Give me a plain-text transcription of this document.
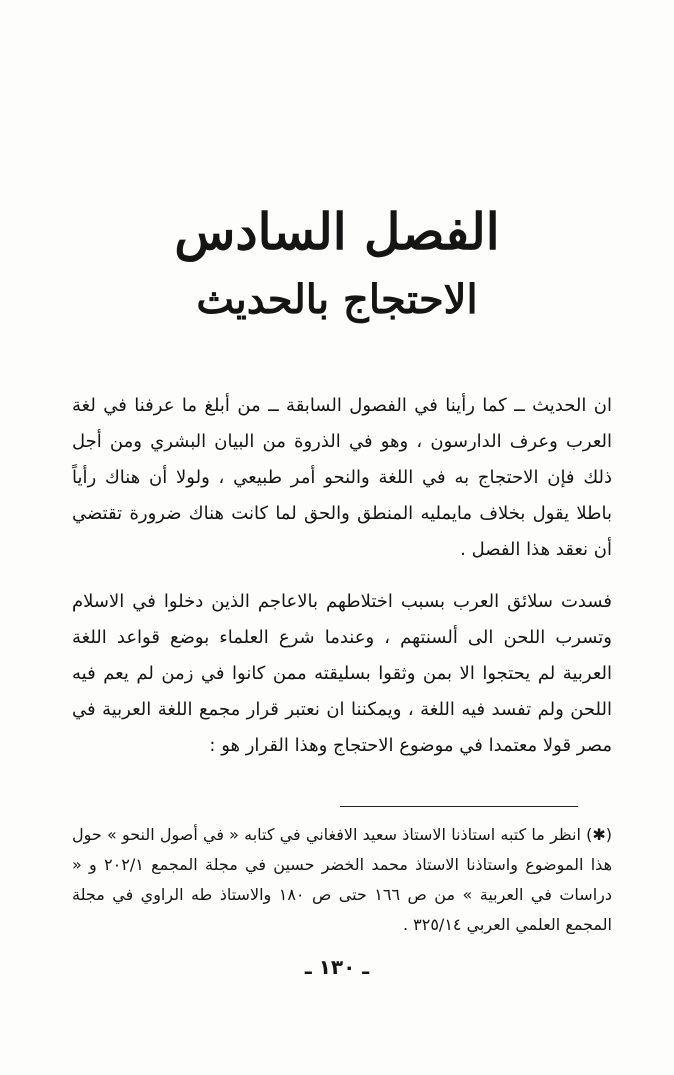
الفصل السادس
الاحتجاج بالحديث

ان الحديث ــ كما رأينا في الفصول السابقة ــ من أبلغ ما عرفنا في لغة العرب وعرف الدارسون ، وهو في الذروة من البيان البشري ومن أجل ذلك فإن الاحتجاج به في اللغة والنحو أمر طبيعي ، ولولا أن هناك رأياً باطلا يقول بخلاف مايمليه المنطق والحق لما كانت هناك ضرورة تقتضي أن نعقد هذا الفصل .

فسدت سلائق العرب بسبب اختلاطهم بالاعاجم الذين دخلوا في الاسلام وتسرب اللحن الى ألسنتهم ، وعندما شرع العلماء بوضع قواعد اللغة العربية لم يحتجوا الا بمن وثقوا بسليقته ممن كانوا في زمن لم يعم فيه اللحن ولم تفسد فيه اللغة ، ويمكننا ان نعتبر قرار مجمع اللغة العربية في مصر قولا معتمدا في موضوع الاحتجاج وهذا القرار هو :

(✱) انظر ما كتبه استاذنا الاستاذ سعيد الافغاني في كتابه « في أصول النحو » حول هذا الموضوع واستاذنا الاستاذ محمد الخضر حسين في مجلة المجمع ٢٠٢/١ و « دراسات في العربية » من ص ١٦٦ حتى ص ١٨٠ والاستاذ طه الراوي في مجلة المجمع العلمي العربي ٣٢٥/١٤ .

ـ ١٣٠ ـ
